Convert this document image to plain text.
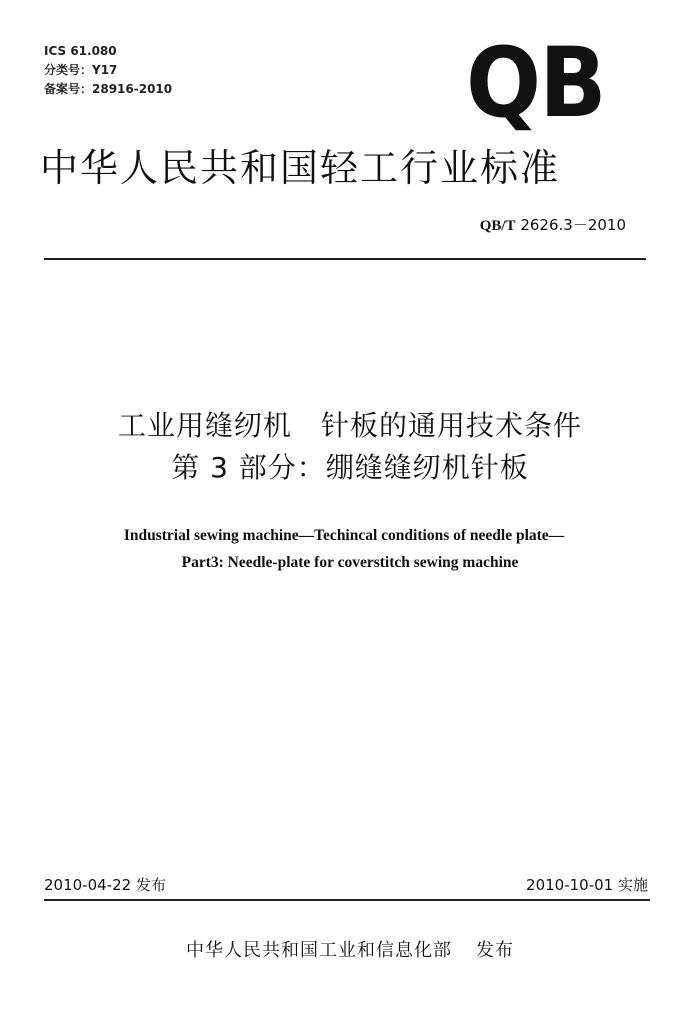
ICS 61.080
分类号：Y17
备案号：28916-2010	QB
中华人民共和国轻工行业标准
QB/T 2626.3－2010
工业用缝纫机　针板的通用技术条件
第 3 部分：绷缝缝纫机针板
Industrial sewing machine—Techincal conditions of needle plate—
Part3: Needle-plate for coverstitch sewing machine
2010-04-22 发布	2010-10-01 实施
中华人民共和国工业和信息化部 发布
